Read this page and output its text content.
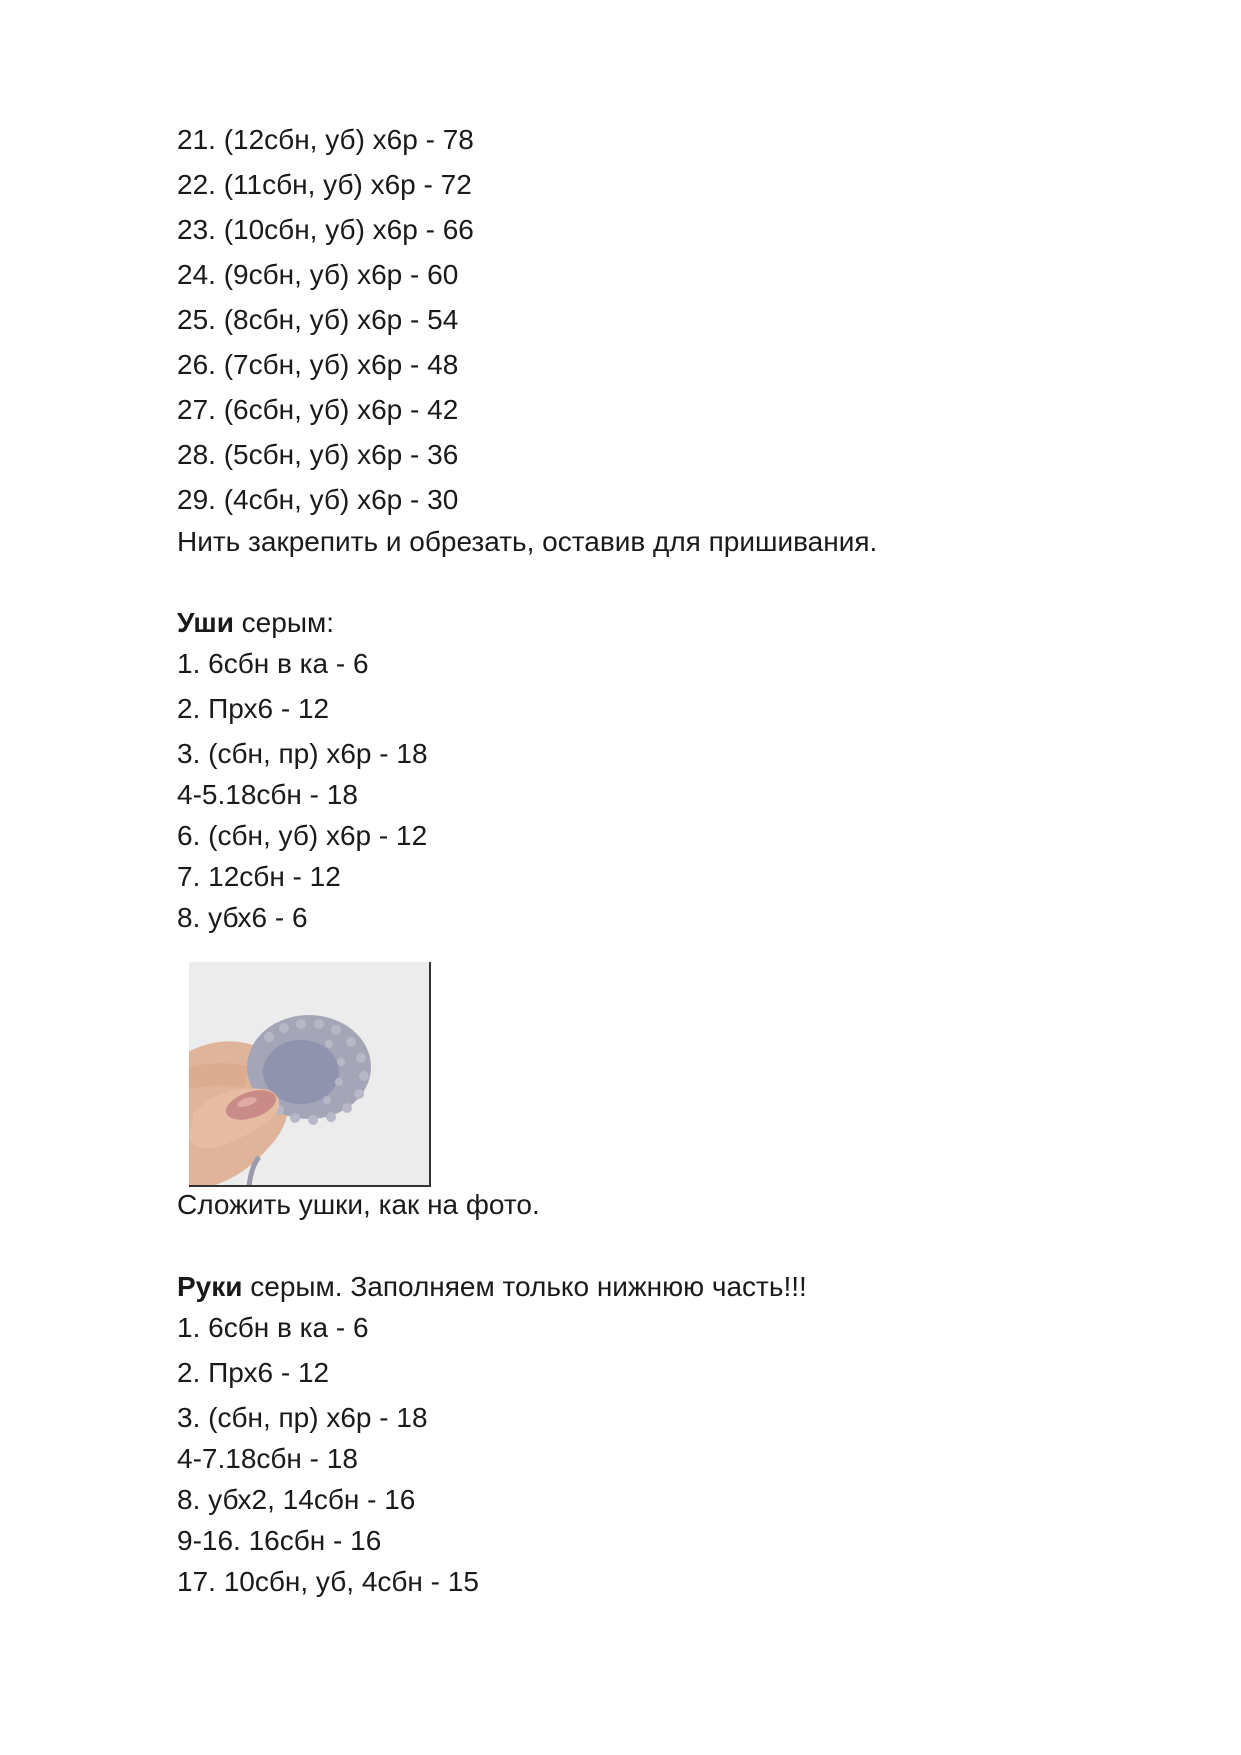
21. (12сбн, уб) х6р - 78
22. (11сбн, уб) х6р - 72
23. (10сбн, уб) х6р - 66
24. (9сбн, уб) х6р - 60
25. (8сбн, уб) х6р - 54
26. (7сбн, уб) х6р - 48
27. (6сбн, уб) х6р - 42
28. (5сбн, уб) х6р - 36
29. (4сбн, уб) х6р - 30
Нить закрепить и обрезать, оставив для пришивания.
Уши серым:
1. 6сбн в ка - 6
2. Прх6 - 12
3. (сбн, пр) х6р - 18
4-5.18сбн - 18
6. (сбн, уб) х6р - 12
7. 12сбн - 12
8. убх6 - 6
Сложить ушки, как на фото.
Руки серым. Заполняем только нижнюю часть!!!
1. 6сбн в ка - 6
2. Прх6 - 12
3. (сбн, пр) х6р - 18
4-7.18сбн - 18
8. убх2, 14сбн - 16
9-16. 16сбн - 16
17. 10сбн, уб, 4сбн - 15
